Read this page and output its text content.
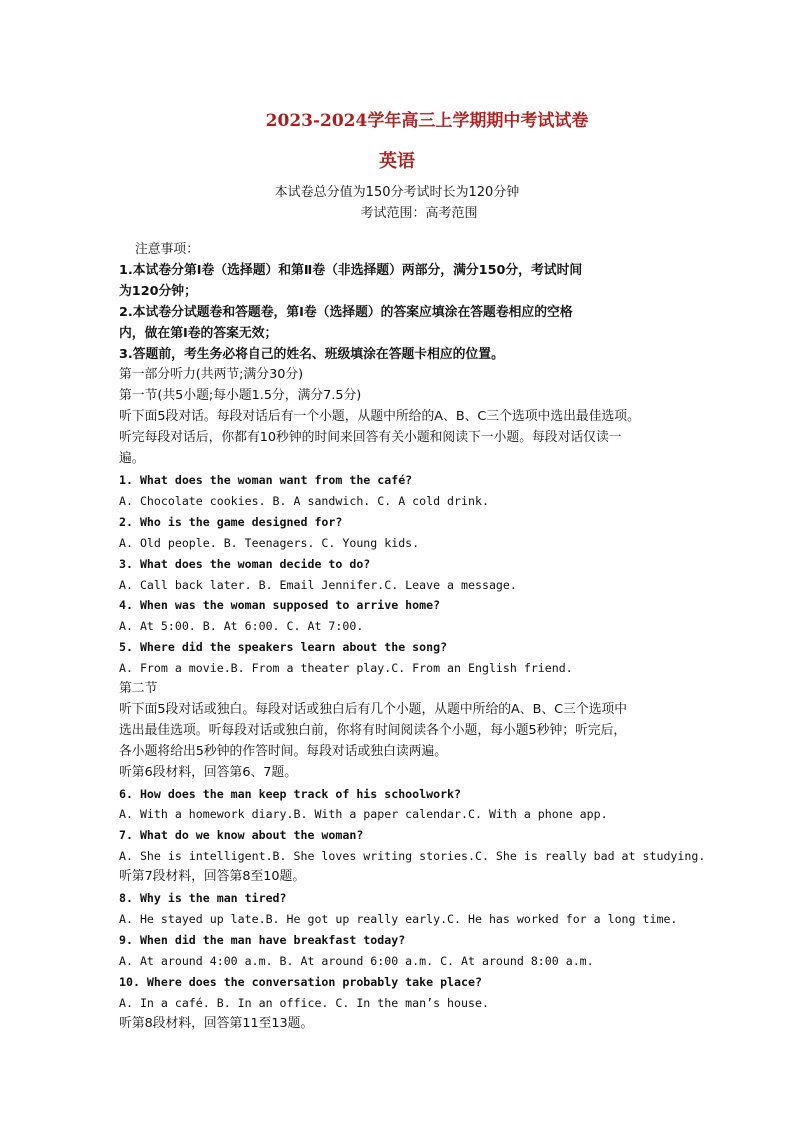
2023-2024学年高三上学期期中考试试卷
英语
本试卷总分值为150分考试时长为120分钟
考试范围：高考范围
注意事项：
1.本试卷分第Ⅰ卷（选择题）和第Ⅱ卷（非选择题）两部分，满分150分，考试时间
为120分钟；
2.本试卷分试题卷和答题卷，第Ⅰ卷（选择题）的答案应填涂在答题卷相应的空格
内，做在第Ⅰ卷的答案无效；
3.答题前，考生务必将自己的姓名、班级填涂在答题卡相应的位置。
第一部分听力(共两节;满分30分)
第一节(共5小题;每小题1.5分，满分7.5分)
听下面5段对话。每段对话后有一个小题，从题中所给的A、B、C三个选项中选出最佳选项。
听完每段对话后，你都有10秒钟的时间来回答有关小题和阅读下一小题。每段对话仅读一
遍。
1. What does the woman want from the café?
A. Chocolate cookies. B. A sandwich. C. A cold drink.
2. Who is the game designed for?
A. Old people. B. Teenagers. C. Young kids.
3. What does the woman decide to do?
A. Call back later. B. Email Jennifer.C. Leave a message.
4. When was the woman supposed to arrive home?
A. At 5:00. B. At 6:00. C. At 7:00.
5. Where did the speakers learn about the song?
A. From a movie.B. From a theater play.C. From an English friend.
第二节
听下面5段对话或独白。每段对话或独白后有几个小题，从题中所给的A、B、C三个选项中
选出最佳选项。听每段对话或独白前，你将有时间阅读各个小题，每小题5秒钟；听完后，
各小题将给出5秒钟的作答时间。每段对话或独白读两遍。
听第6段材料，回答第6、7题。
6. How does the man keep track of his schoolwork?
A. With a homework diary.B. With a paper calendar.C. With a phone app.
7. What do we know about the woman?
A. She is intelligent.B. She loves writing stories.C. She is really bad at studying.
听第7段材料，回答第8至10题。
8. Why is the man tired?
A. He stayed up late.B. He got up really early.C. He has worked for a long time.
9. When did the man have breakfast today?
A. At around 4:00 a.m. B. At around 6:00 a.m. C. At around 8:00 a.m.
10. Where does the conversation probably take place?
A. In a café. B. In an office. C. In the man’s house.
听第8段材料，回答第11至13题。
